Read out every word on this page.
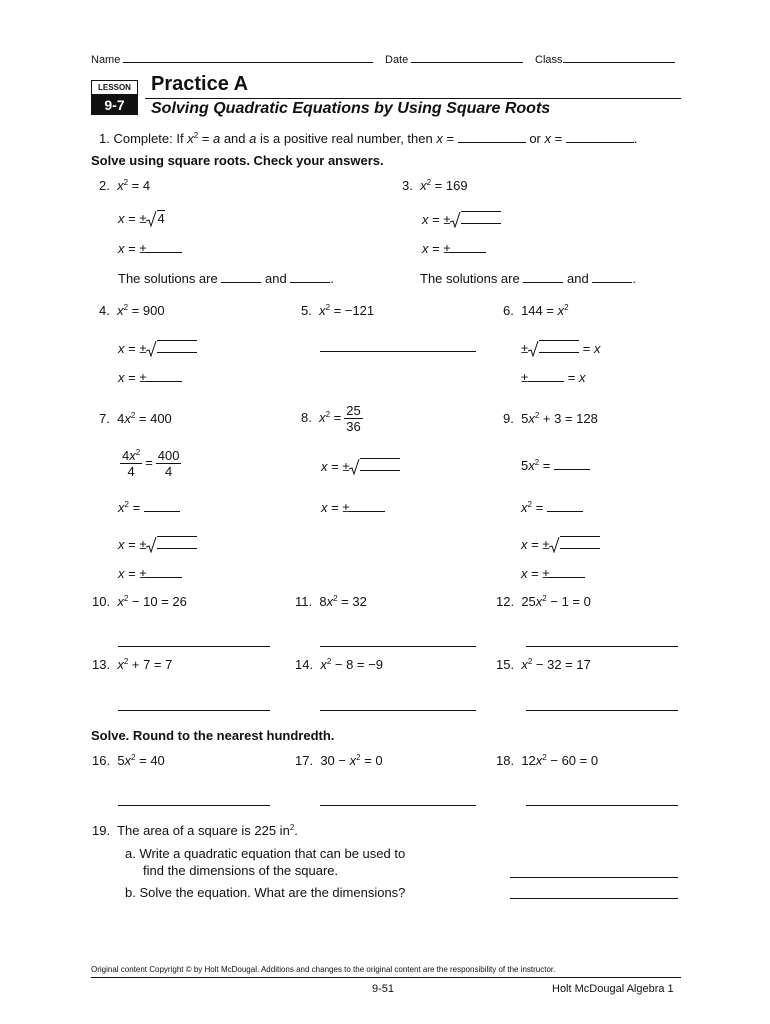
Name	Date	Class
LESSON
9-7
Practice A
Solving Quadratic Equations by Using Square Roots
1. Complete: If $x^2 = a$ and a is a positive real number, then x =	or x =	.
Solve using square roots. Check your answers.
2. $x^2 = 4$
x = ± 4
x = ±
The solutions are	and	.
3. $x^2 = 169$
x = ±
x = ±
The solutions are	and	.
4. $x^2 = 900$
x = ±
x = ±
5. $x^2 = -121$	6. $144 = x^2$
±	= x
±	= x
7. $4x^2 = 400$
$\frac{4x^2}{4} = \frac{400}{4}$
$x^2$ =
x = ±
x = ±
8. $x^2 = \frac{25}{36}$
x = ±
x = ±
9. $5x^2 + 3 = 128$
$5x^2$ =
$x^2$ =
x = ±
x = ±
10. $x^2 - 10 = 26$	11. $8x^2 = 32$	12. $25x^2 - 1 = 0$
13. $x^2 + 7 = 7$	14. $x^2 - 8 = -9$	15. $x^2 - 32 = 17$
Solve. Round to the nearest hundredth.
16. $5x^2 = 40$	17. $30 - x^2 = 0$	18. $12x^2 - 60 = 0$
19. The area of a square is 225 $in^2$.
a. Write a quadratic equation that can be used to
find the dimensions of the square.
b. Solve the equation. What are the dimensions?
Original content Copyright © by Holt McDougal. Additions and changes to the original content are the responsibility of the instructor.
9-51	Holt McDougal Algebra 1
